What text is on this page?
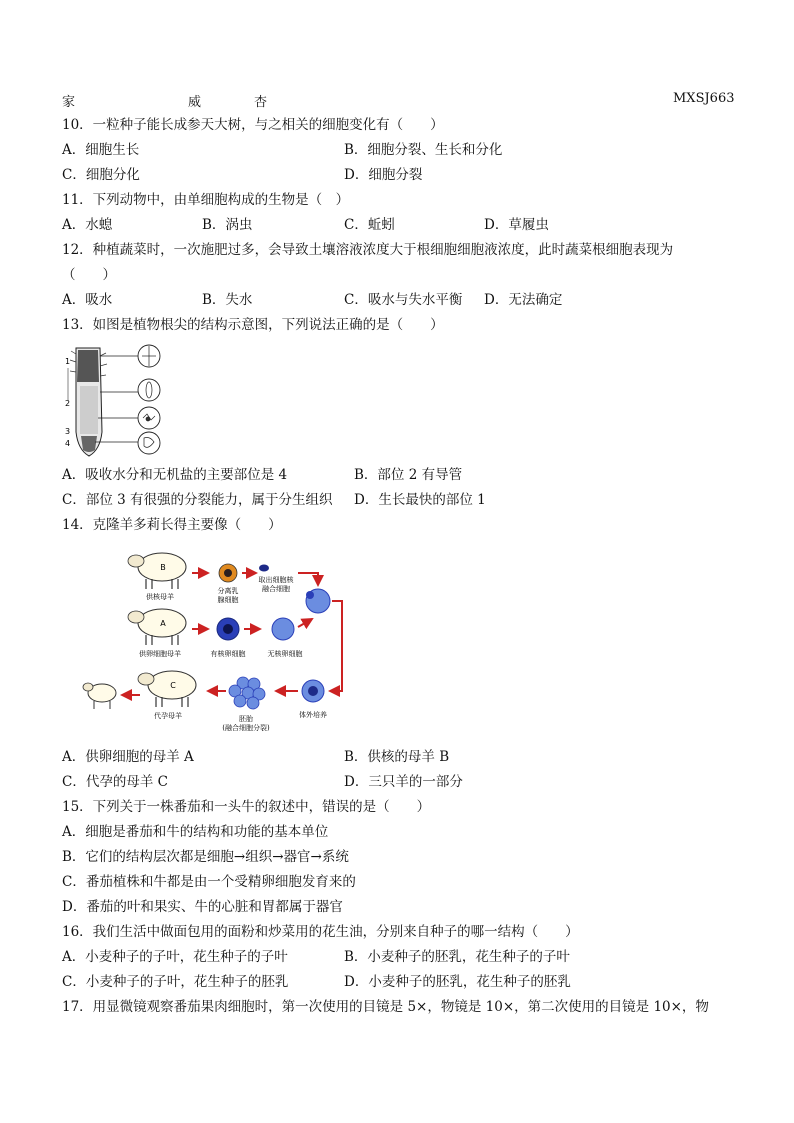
家	威	杏	MXSJ663
10．一粒种子能长成参天大树，与之相关的细胞变化有（　　）
A．细胞生长	B．细胞分裂、生长和分化
C．细胞分化	D．细胞分裂
11．下列动物中，由单细胞构成的生物是（　）
A．水螅	B．涡虫	C．蚯蚓	D．草履虫
12．种植蔬菜时，一次施肥过多，会导致土壤溶液浓度大于根细胞细胞液浓度，此时蔬菜根细胞表现为
（　　）
A．吸水	B．失水	C．吸水与失水平衡 D．无法确定
13．如图是植物根尖的结构示意图，下列说法正确的是（　　）
1
2
3
4
A．吸收水分和无机盐的主要部位是 4	B．部位 2 有导管
C．部位 3 有很强的分裂能力，属于分生组织 D．生长最快的部位 1
14．克隆羊多莉长得主要像（　　）
B
供核母羊
分离乳
腺细胞
取出细胞核
融合细胞
A
供卵细胞母羊	有核卵细胞	无核卵细胞
体外培养
胚胎
(融合细胞分裂)
C
代孕母羊
A．供卵细胞的母羊 A	B．供核的母羊 B
C．代孕的母羊 C	D．三只羊的一部分
15．下列关于一株番茄和一头牛的叙述中，错误的是（　　）
A．细胞是番茄和牛的结构和功能的基本单位
B．它们的结构层次都是细胞→组织→器官→系统
C．番茄植株和牛都是由一个受精卵细胞发育来的
D．番茄的叶和果实、牛的心脏和胃都属于器官
16．我们生活中做面包用的面粉和炒菜用的花生油，分别来自种子的哪一结构（　　）
A．小麦种子的子叶，花生种子的子叶	B．小麦种子的胚乳，花生种子的子叶
C．小麦种子的子叶，花生种子的胚乳	D．小麦种子的胚乳，花生种子的胚乳
17．用显微镜观察番茄果肉细胞时，第一次使用的目镜是 5×，物镜是 10×，第二次使用的目镜是 10×，物
